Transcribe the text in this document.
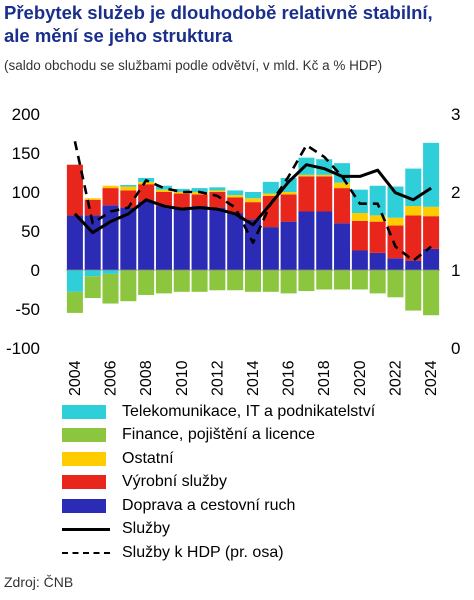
Přebytek služeb je dlouhodobě relativně stabilní,
ale mění se jeho struktura
(saldo obchodu se službami podle odvětví, v mld. Kč a % HDP)
-100
-50
0
50
100
150
200
0
1
2
3
2004 2006 2008 2010 2012 2014 2016 2018 2020 2022 2024
Telekomunikace, IT a podnikatelství
Finance, pojištění a licence
Ostatní
Výrobní služby
Doprava a cestovní ruch
Služby
Služby k HDP (pr. osa)
Zdroj: ČNB
